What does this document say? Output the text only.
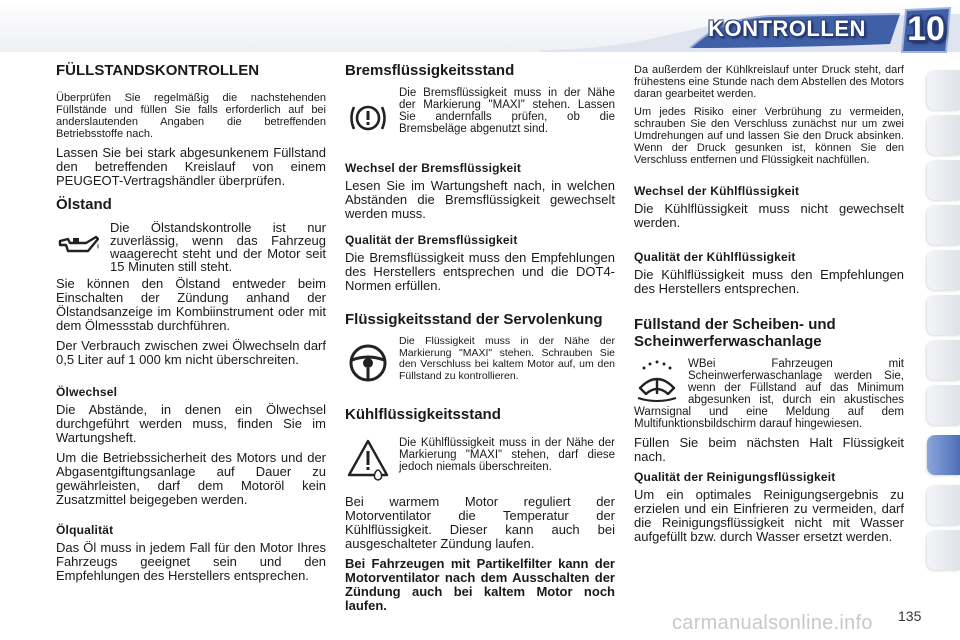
KONTROLLEN 10
FÜLLSTANDSKONTROLLEN

Überprüfen Sie regelmäßig die nachstehenden Füllstände und füllen Sie falls erforderlich auf bei anderslautenden Angaben die betreffenden Betriebsstoffe nach.

Lassen Sie bei stark abgesunkenem Füllstand den betreffenden Kreislauf von einem PEUGEOT-Vertragshändler überprüfen.

Ölstand
Die Ölstandskontrolle ist nur zuverlässig, wenn das Fahrzeug waagerecht steht und der Motor seit 15 Minuten still steht.

Sie können den Ölstand entweder beim Einschalten der Zündung anhand der Ölstandsanzeige im Kombiinstrument oder mit dem Ölmessstab durchführen.

Der Verbrauch zwischen zwei Ölwechseln darf 0,5 Liter auf 1 000 km nicht überschreiten.

Ölwechsel

Die Abstände, in denen ein Ölwechsel durchgeführt werden muss, finden Sie im Wartungsheft.

Um die Betriebssicherheit des Motors und der Abgasentgiftungsanlage auf Dauer zu gewährleisten, darf dem Motoröl kein Zusatzmittel beigegeben werden.

Ölqualität

Das Öl muss in jedem Fall für den Motor Ihres Fahrzeugs geeignet sein und den Empfehlungen des Herstellers entsprechen.

Bremsflüssigkeitsstand
Die Bremsflüssigkeit muss in der Nähe der Markierung "MAXI" stehen. Lassen Sie andernfalls prüfen, ob die Bremsbeläge abgenutzt sind.
Wechsel der Bremsflüssigkeit

Lesen Sie im Wartungsheft nach, in welchen Abständen die Bremsflüssigkeit gewechselt werden muss.

Qualität der Bremsflüssigkeit

Die Bremsflüssigkeit muss den Empfehlungen des Herstellers entsprechen und die DOT4-Normen erfüllen.

Flüssigkeitsstand der Servolenkung
Die Flüssigkeit muss in der Nähe der Markierung "MAXI" stehen. Schrauben Sie den Verschluss bei kaltem Motor auf, um den Füllstand zu kontrollieren.
Kühlflüssigkeitsstand
Die Kühlflüssigkeit muss in der Nähe der Markierung "MAXI" stehen, darf diese jedoch niemals überschreiten.

Bei warmem Motor reguliert der Motorventilator die Temperatur der Kühlflüssigkeit. Dieser kann auch bei ausgeschalteter Zündung laufen.

Bei Fahrzeugen mit Partikelfilter kann der Motorventilator nach dem Ausschalten der Zündung auch bei kaltem Motor noch laufen.

Da außerdem der Kühlkreislauf unter Druck steht, darf frühestens eine Stunde nach dem Abstellen des Motors daran gearbeitet werden.

Um jedes Risiko einer Verbrühung zu vermeiden, schrauben Sie den Verschluss zunächst nur um zwei Umdrehungen auf und lassen Sie den Druck absinken. Wenn der Druck gesunken ist, können Sie den Verschluss entfernen und Flüssigkeit nachfüllen.

Wechsel der Kühlflüssigkeit

Die Kühlflüssigkeit muss nicht gewechselt werden.

Qualität der Kühlflüssigkeit

Die Kühlflüssigkeit muss den Empfehlungen des Herstellers entsprechen.

Füllstand der Scheiben- und Scheinwerferwaschanlage

WBei Fahrzeugen mit Scheinwerferwaschanlage werden Sie, wenn der Füllstand auf das Minimum abgesunken ist, durch ein akustisches Warnsignal und eine Meldung auf dem Multifunktionsbildschirm darauf hingewiesen.

Füllen Sie beim nächsten Halt Flüssigkeit nach.

Qualität der Reinigungsflüssigkeit

Um ein optimales Reinigungsergebnis zu erzielen und ein Einfrieren zu vermeiden, darf die Reinigungsflüssigkeit nicht mit Wasser aufgefüllt bzw. durch Wasser ersetzt werden.

carmanualsonline.info 135
